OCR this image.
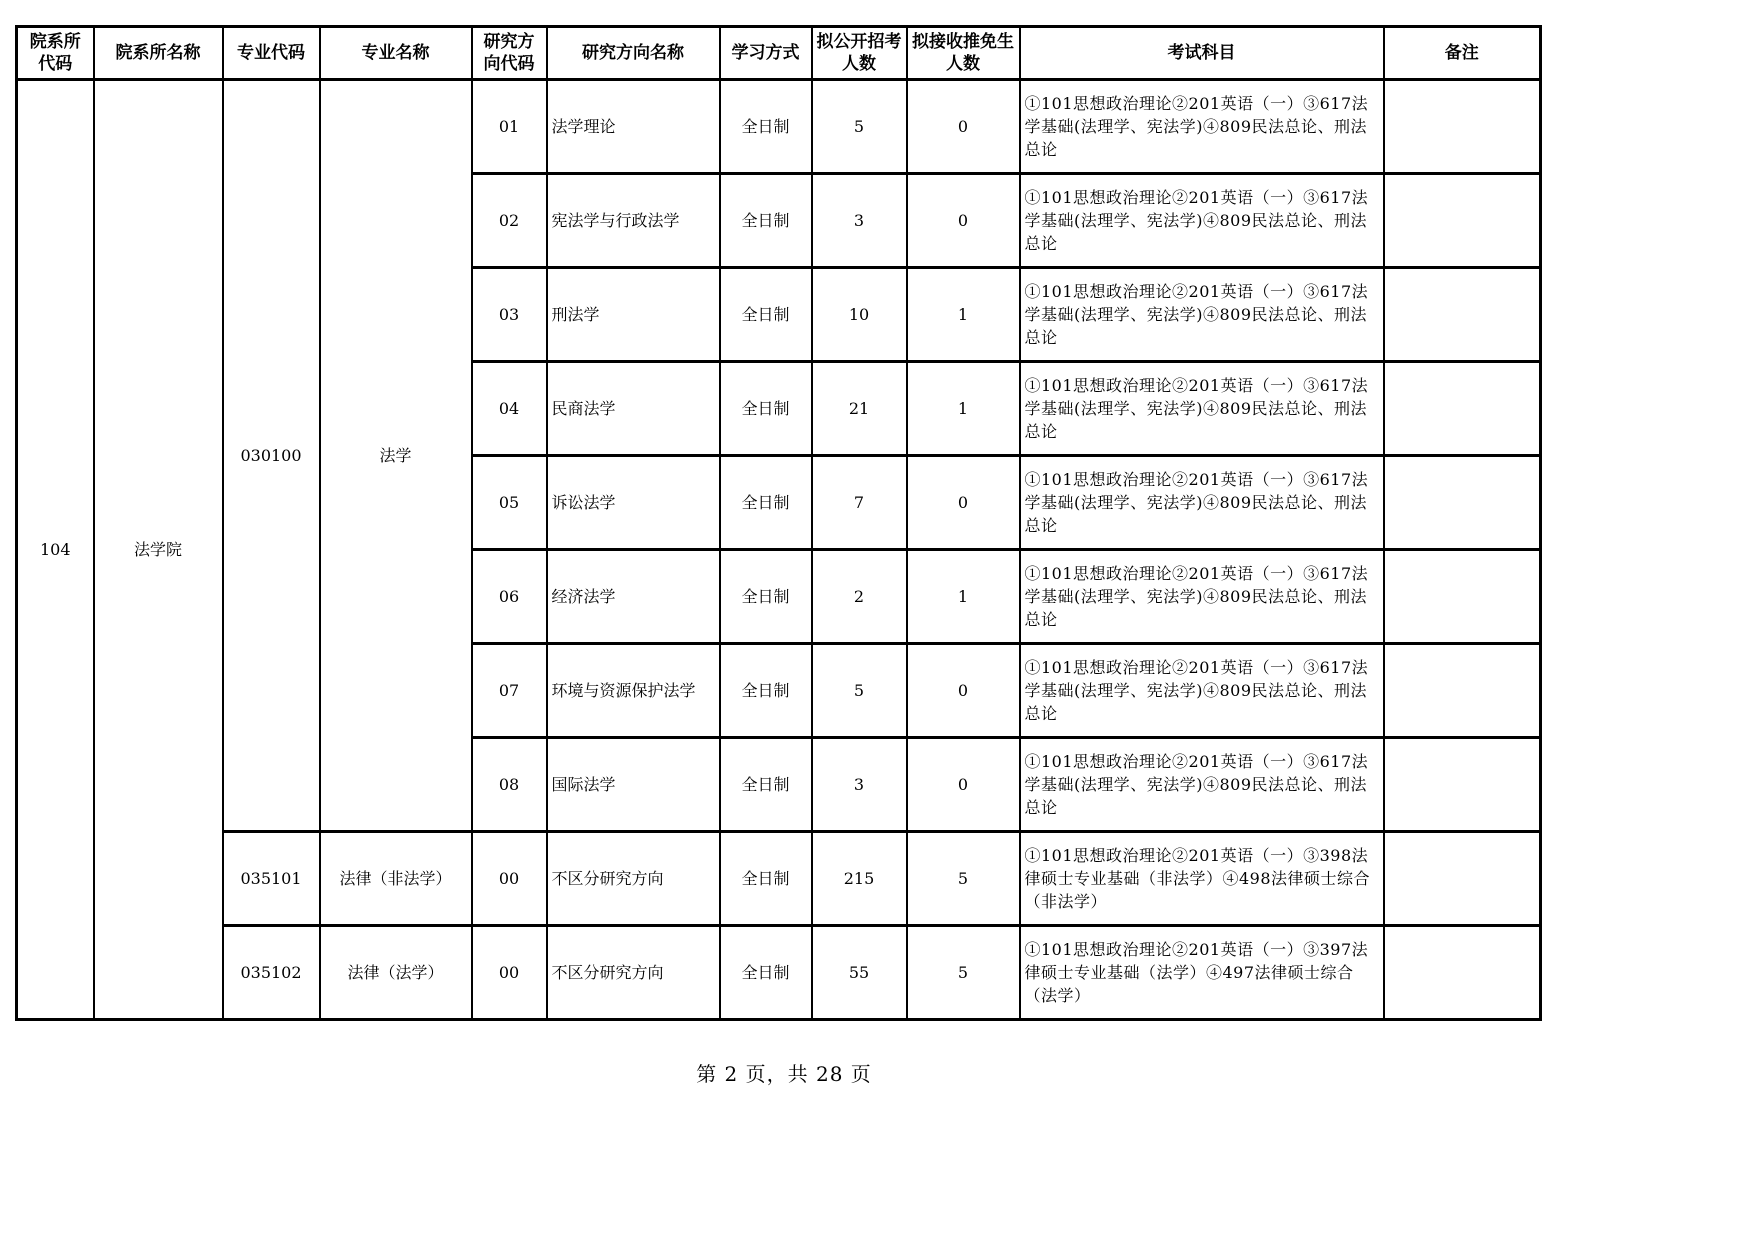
院系所代码	院系所名称	专业代码	专业名称	研究方向代码	研究方向名称	学习方式	拟公开招考人数	拟接收推免生人数	考试科目	备注
104	法学院	030100	法学	01	法学理论	全日制	5	0	①101思想政治理论②201英语（一）③617法学基础(法理学、宪法学)④809民法总论、刑法总论	
				02	宪法学与行政法学	全日制	3	0	①101思想政治理论②201英语（一）③617法学基础(法理学、宪法学)④809民法总论、刑法总论	
				03	刑法学	全日制	10	1	①101思想政治理论②201英语（一）③617法学基础(法理学、宪法学)④809民法总论、刑法总论	
				04	民商法学	全日制	21	1	①101思想政治理论②201英语（一）③617法学基础(法理学、宪法学)④809民法总论、刑法总论	
				05	诉讼法学	全日制	7	0	①101思想政治理论②201英语（一）③617法学基础(法理学、宪法学)④809民法总论、刑法总论	
				06	经济法学	全日制	2	1	①101思想政治理论②201英语（一）③617法学基础(法理学、宪法学)④809民法总论、刑法总论	
				07	环境与资源保护法学	全日制	5	0	①101思想政治理论②201英语（一）③617法学基础(法理学、宪法学)④809民法总论、刑法总论	
				08	国际法学	全日制	3	0	①101思想政治理论②201英语（一）③617法学基础(法理学、宪法学)④809民法总论、刑法总论	
		035101	法律（非法学）	00	不区分研究方向	全日制	215	5	①101思想政治理论②201英语（一）③398法律硕士专业基础（非法学）④498法律硕士综合（非法学）	
		035102	法律（法学）	00	不区分研究方向	全日制	55	5	①101思想政治理论②201英语（一）③397法律硕士专业基础（法学）④497法律硕士综合（法学）	
第 2 页，共 28 页
